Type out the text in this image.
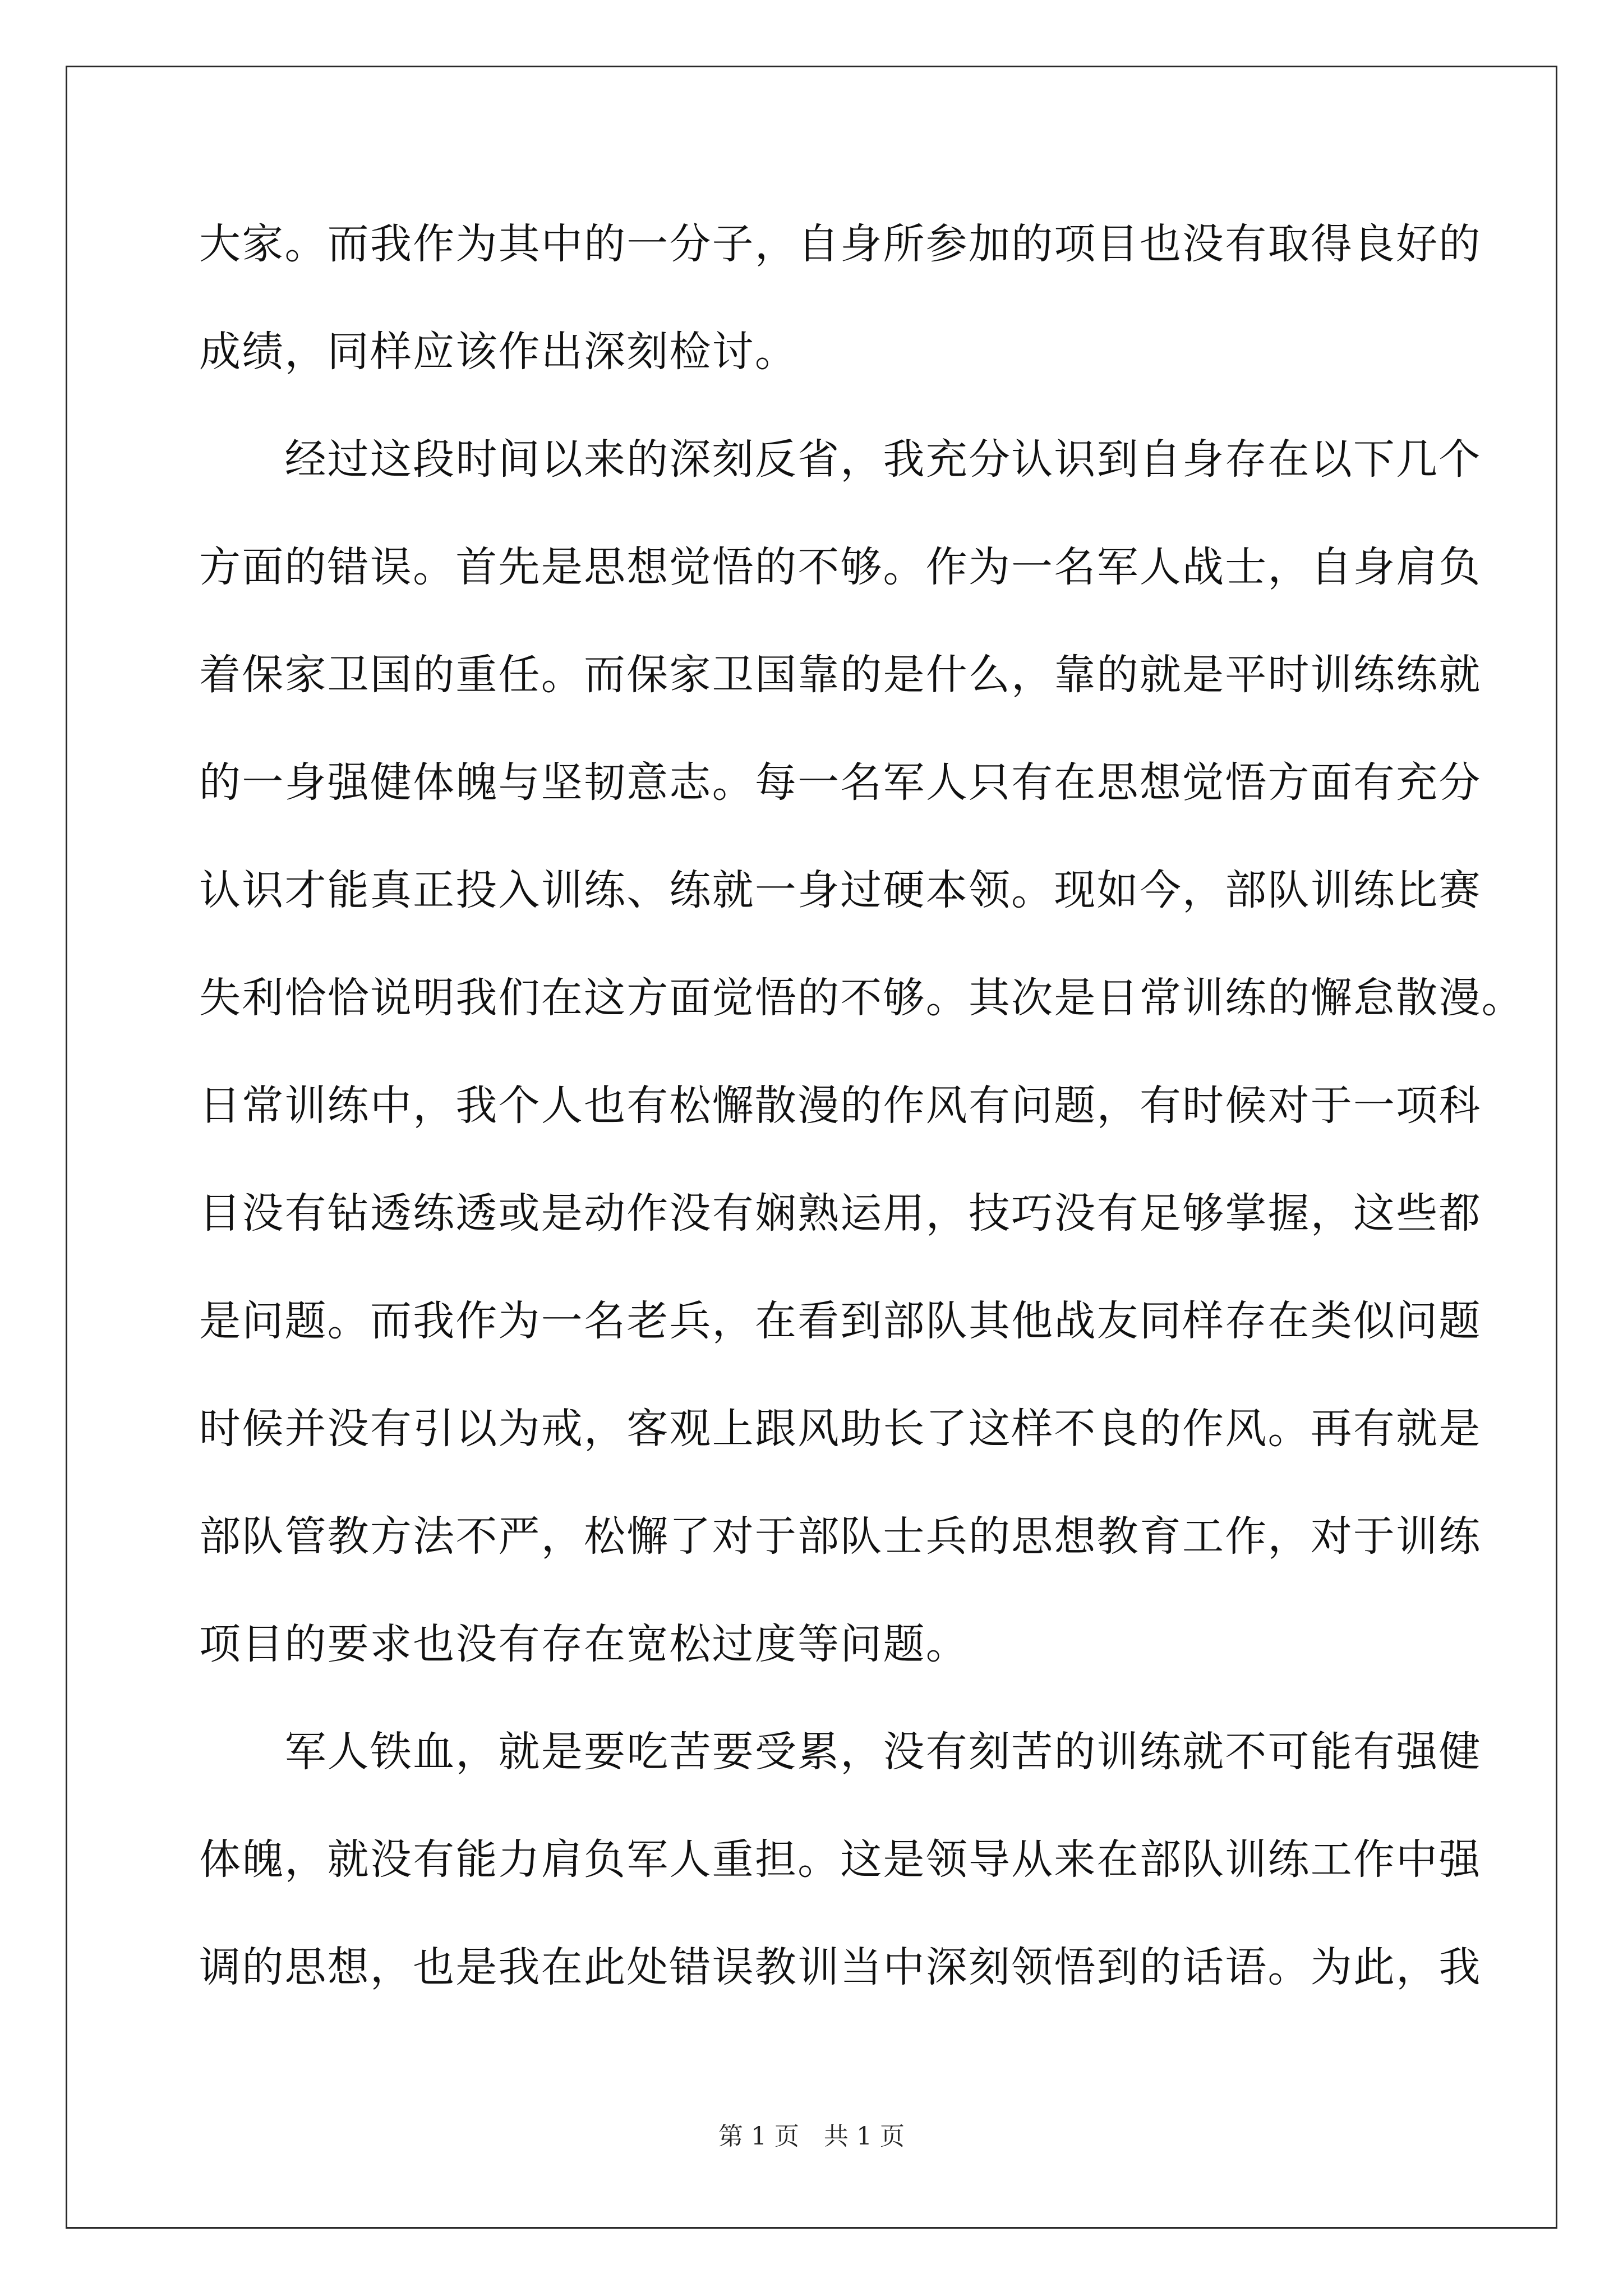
大家。而我作为其中的一分子，自身所参加的项目也没有取得良好的
成绩，同样应该作出深刻检讨。
　　经过这段时间以来的深刻反省，我充分认识到自身存在以下几个
方面的错误。首先是思想觉悟的不够。作为一名军人战士，自身肩负
着保家卫国的重任。而保家卫国靠的是什么，靠的就是平时训练练就
的一身强健体魄与坚韧意志。每一名军人只有在思想觉悟方面有充分
认识才能真正投入训练、练就一身过硬本领。现如今，部队训练比赛
失利恰恰说明我们在这方面觉悟的不够。其次是日常训练的懈怠散漫。
日常训练中，我个人也有松懈散漫的作风有问题，有时候对于一项科
目没有钻透练透或是动作没有娴熟运用，技巧没有足够掌握，这些都
是问题。而我作为一名老兵，在看到部队其他战友同样存在类似问题
时候并没有引以为戒，客观上跟风助长了这样不良的作风。再有就是
部队管教方法不严，松懈了对于部队士兵的思想教育工作，对于训练
项目的要求也没有存在宽松过度等问题。
　　军人铁血，就是要吃苦要受累，没有刻苦的训练就不可能有强健
体魄，就没有能力肩负军人重担。这是领导从来在部队训练工作中强
调的思想，也是我在此处错误教训当中深刻领悟到的话语。为此，我
第 1 页　共 1 页
